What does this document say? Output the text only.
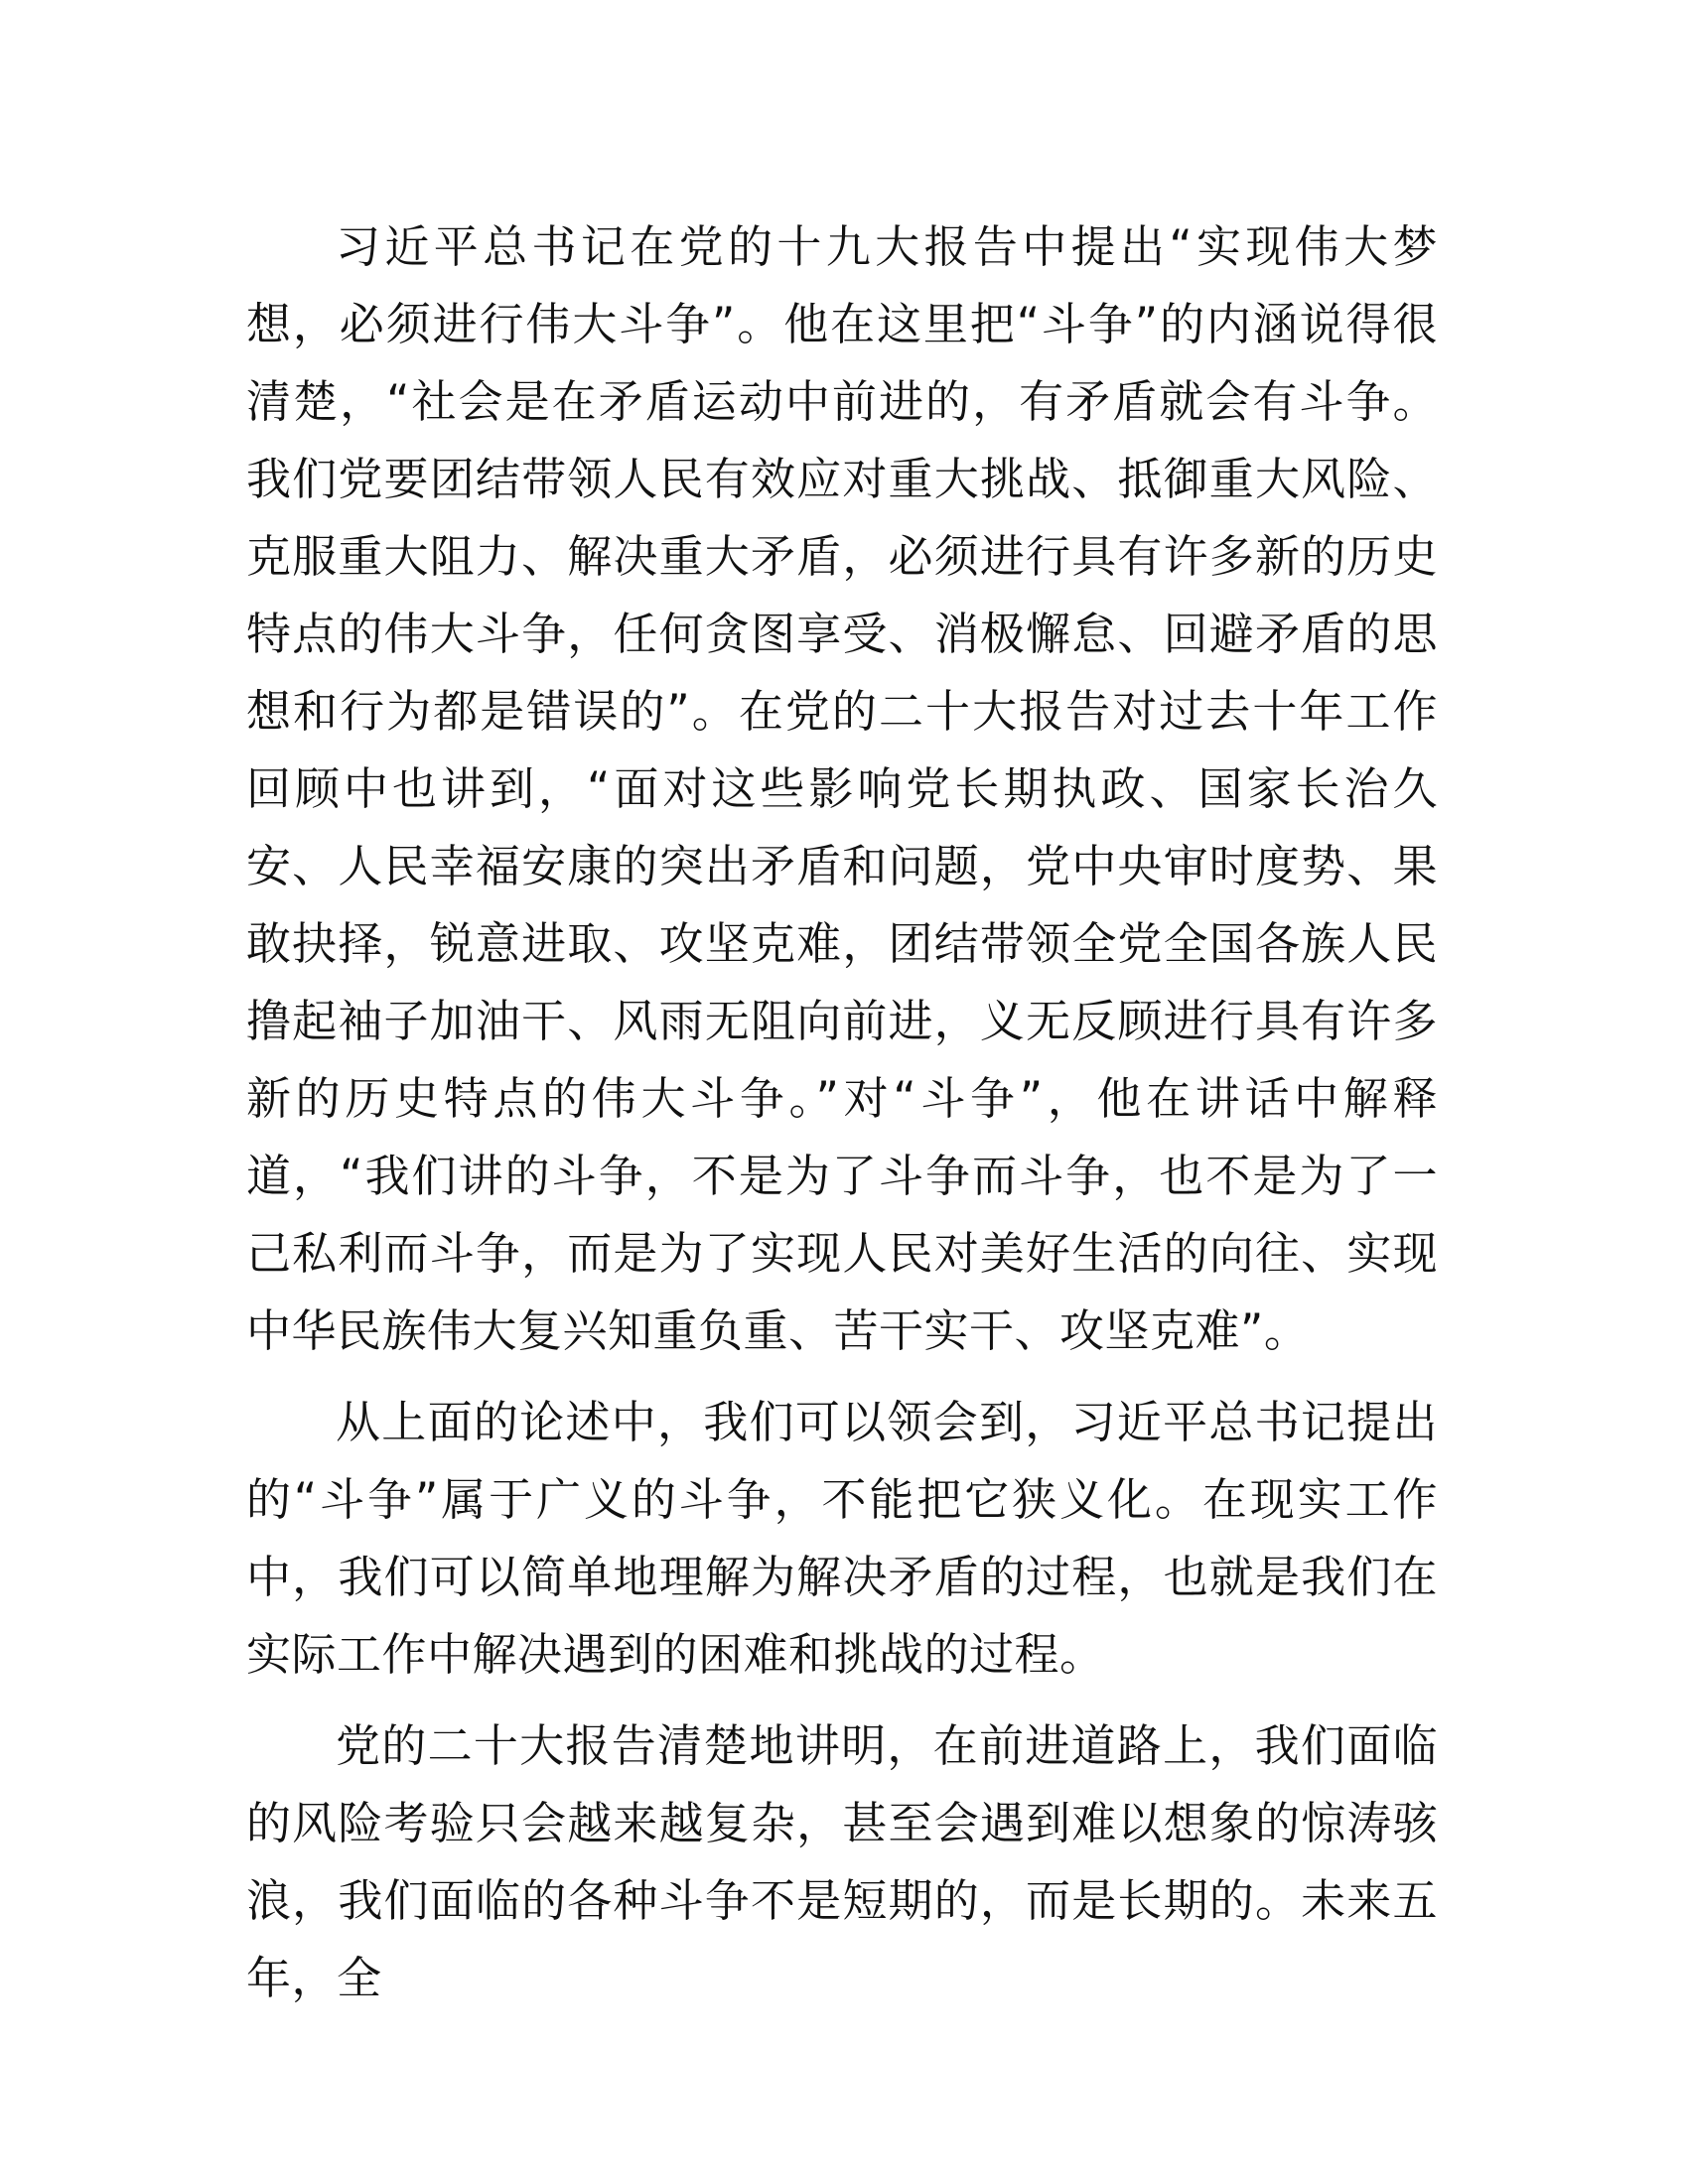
习近平总书记在党的十九大报告中提出“实现伟大梦想，必须进行伟大斗争”。他在这里把“斗争”的内涵说得很清楚，“社会是在矛盾运动中前进的，有矛盾就会有斗争。我们党要团结带领人民有效应对重大挑战、抵御重大风险、克服重大阻力、解决重大矛盾，必须进行具有许多新的历史特点的伟大斗争，任何贪图享受、消极懈怠、回避矛盾的思想和行为都是错误的”。在党的二十大报告对过去十年工作回顾中也讲到，“面对这些影响党长期执政、国家长治久安、人民幸福安康的突出矛盾和问题，党中央审时度势、果敢抉择，锐意进取、攻坚克难，团结带领全党全国各族人民撸起袖子加油干、风雨无阻向前进，义无反顾进行具有许多新的历史特点的伟大斗争。”对“斗争”，他在讲话中解释道，“我们讲的斗争，不是为了斗争而斗争，也不是为了一己私利而斗争，而是为了实现人民对美好生活的向往、实现中华民族伟大复兴知重负重、苦干实干、攻坚克难”。

从上面的论述中，我们可以领会到，习近平总书记提出的“斗争”属于广义的斗争，不能把它狭义化。在现实工作中，我们可以简单地理解为解决矛盾的过程，也就是我们在实际工作中解决遇到的困难和挑战的过程。

党的二十大报告清楚地讲明，在前进道路上，我们面临的风险考验只会越来越复杂，甚至会遇到难以想象的惊涛骇浪，我们面临的各种斗争不是短期的，而是长期的。未来五年，全
